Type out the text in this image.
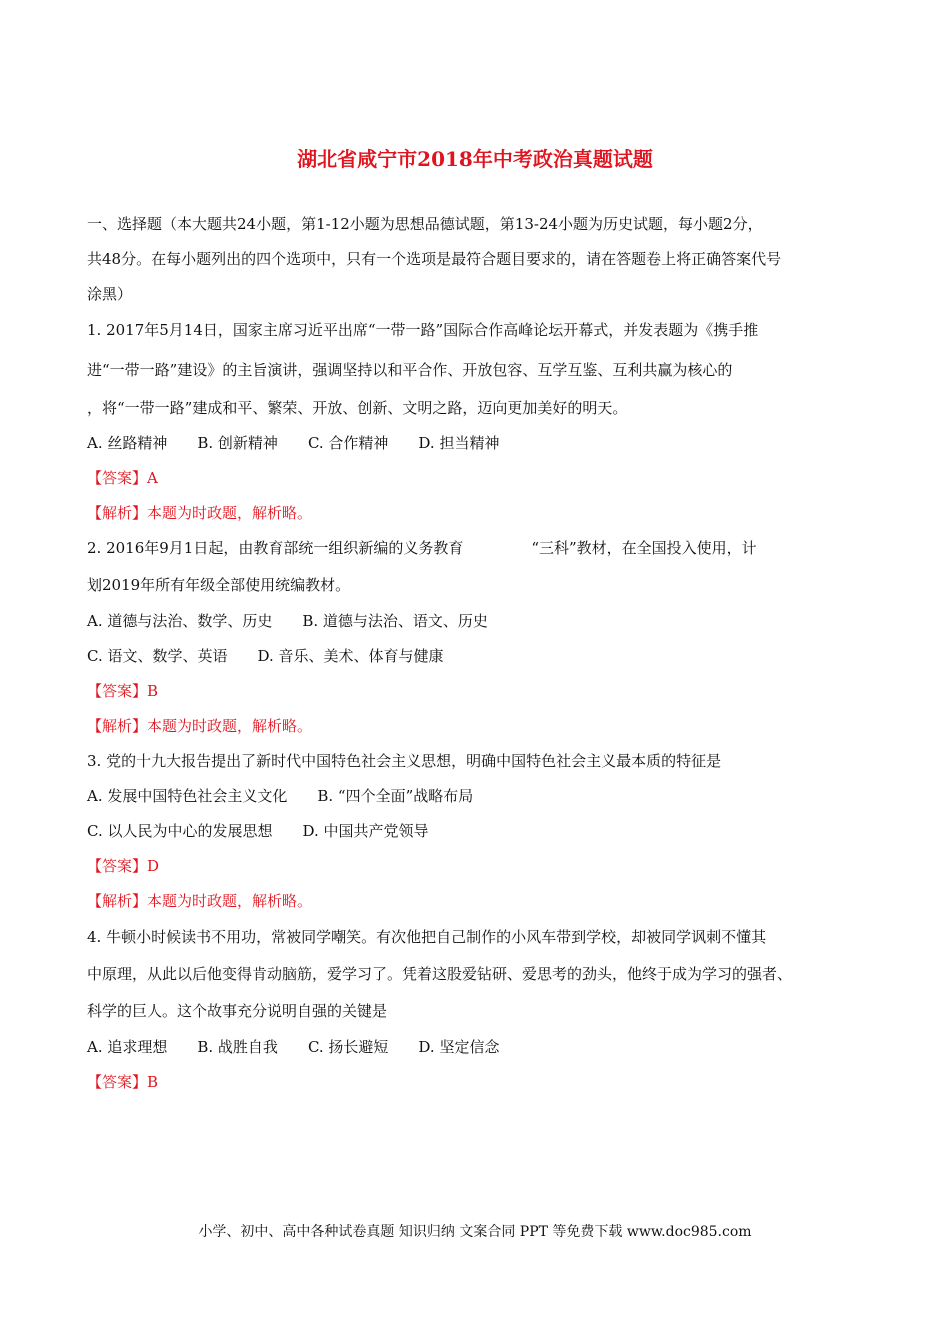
湖北省咸宁市2018年中考政治真题试题
一、选择题（本大题共24小题，第1-12小题为思想品德试题，第13-24小题为历史试题，每小题2分，
共48分。在每小题列出的四个选项中，只有一个选项是最符合题目要求的，请在答题卷上将正确答案代号
涂黑）
1. 2017年5月14日，国家主席习近平出席“一带一路”国际合作高峰论坛开幕式，并发表题为《携手推
进“一带一路”建设》的主旨演讲，强调坚持以和平合作、开放包容、互学互鉴、互利共赢为核心的
，将“一带一路”建成和平、繁荣、开放、创新、文明之路，迈向更加美好的明天。
A. 丝路精神 B. 创新精神 C. 合作精神 D. 担当精神
【答案】A
【解析】本题为时政题，解析略。
2. 2016年9月1日起，由教育部统一组织新编的义务教育	“三科”教材，在全国投入使用，计
划2019年所有年级全部使用统编教材。
A. 道德与法治、数学、历史 B. 道德与法治、语文、历史
C. 语文、数学、英语 D. 音乐、美术、体育与健康
【答案】B
【解析】本题为时政题，解析略。
3. 党的十九大报告提出了新时代中国特色社会主义思想，明确中国特色社会主义最本质的特征是
A. 发展中国特色社会主义文化 B. “四个全面”战略布局
C. 以人民为中心的发展思想 D. 中国共产党领导
【答案】D
【解析】本题为时政题，解析略。
4. 牛顿小时候读书不用功，常被同学嘲笑。有次他把自己制作的小风车带到学校，却被同学讽刺不懂其
中原理，从此以后他变得肯动脑筋，爱学习了。凭着这股爱钻研、爱思考的劲头，他终于成为学习的强者、
科学的巨人。这个故事充分说明自强的关键是
A. 追求理想 B. 战胜自我 C. 扬长避短 D. 坚定信念
【答案】B
小学、初中、高中各种试卷真题 知识归纳 文案合同 PPT 等免费下载 www.doc985.com
